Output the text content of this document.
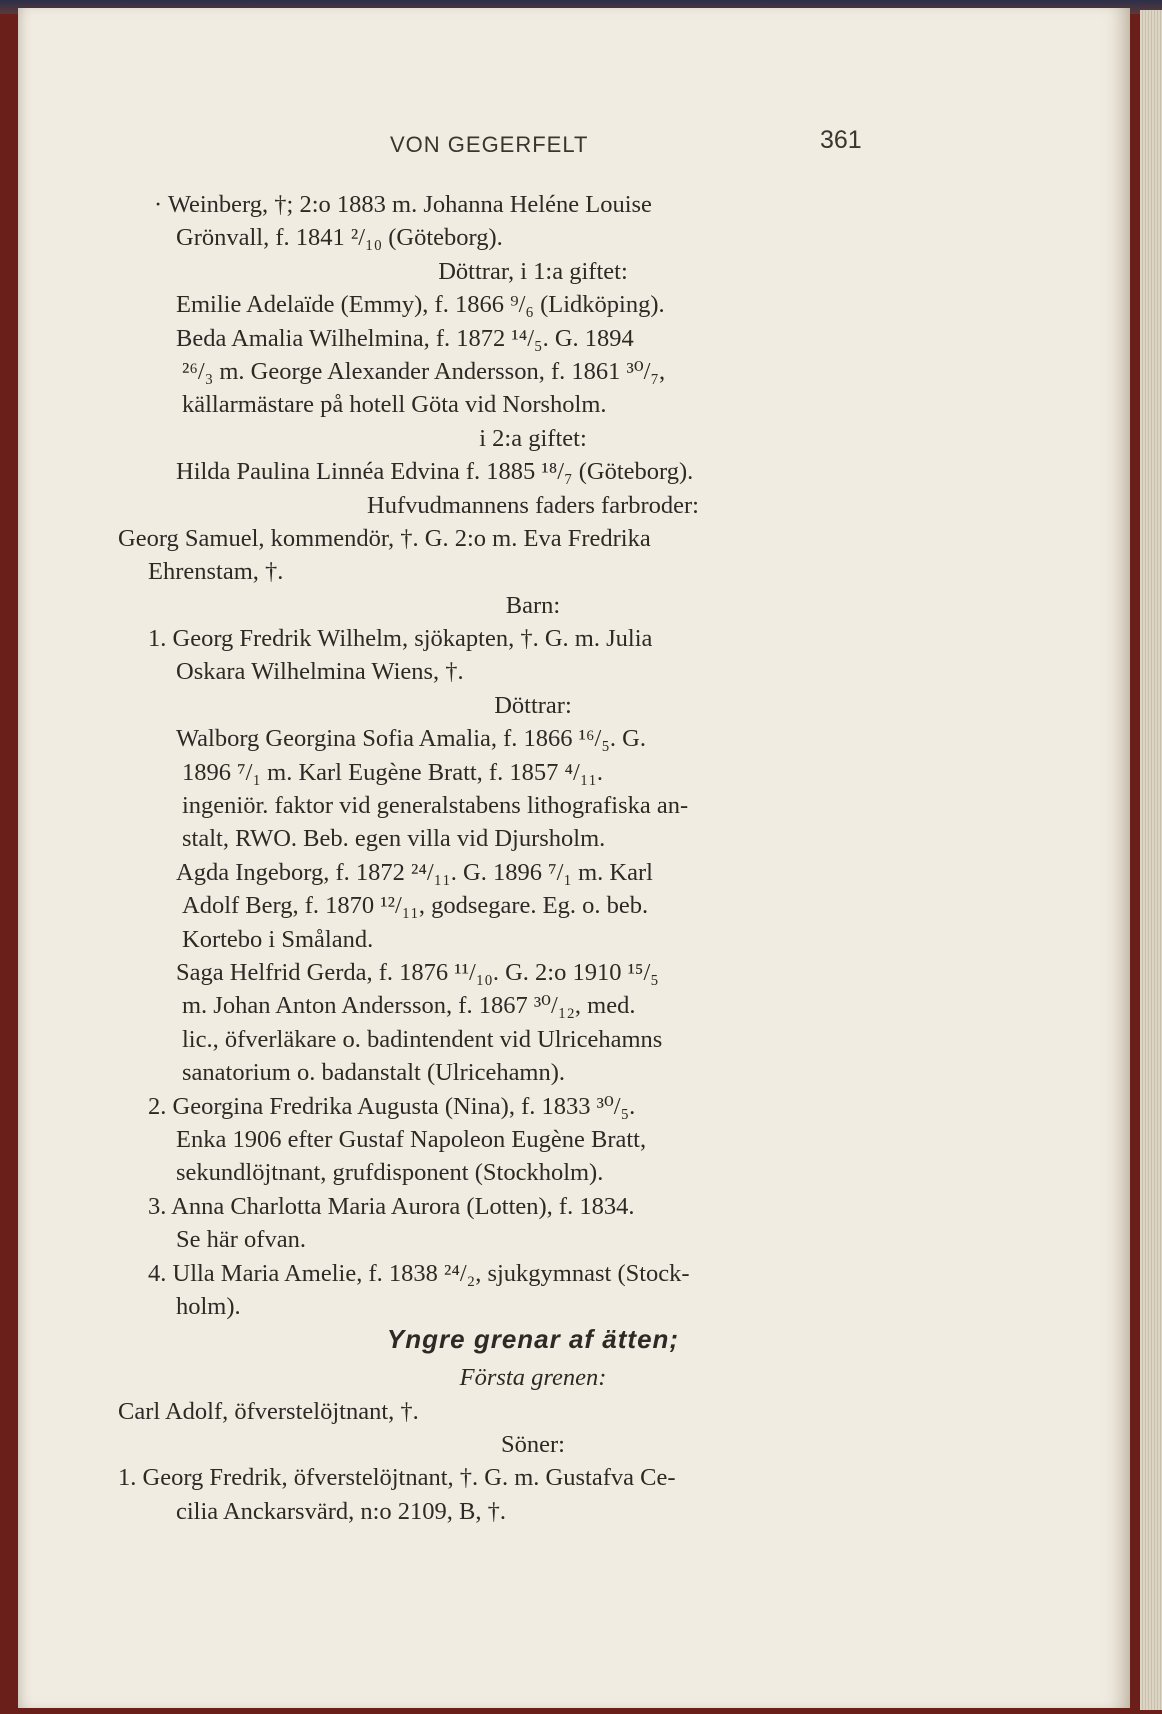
VON GEGERFELT	361
· Weinberg, †; 2:o 1883 m. Johanna Heléne Louise
Grönvall, f. 1841 ²/₁₀ (Göteborg).
Döttrar, i 1:a giftet:
Emilie Adelaïde (Emmy), f. 1866 ⁹/₆ (Lidköping).
Beda Amalia Wilhelmina, f. 1872 ¹⁴/₅. G. 1894
²⁶/₃ m. George Alexander Andersson, f. 1861 ³⁰/₇,
källarmästare på hotell Göta vid Norsholm.
i 2:a giftet:
Hilda Paulina Linnéa Edvina f. 1885 ¹⁸/₇ (Göteborg).
Hufvudmannens faders farbroder:
Georg Samuel, kommendör, †. G. 2:o m. Eva Fredrika
Ehrenstam, †.
Barn:
1. Georg Fredrik Wilhelm, sjökapten, †. G. m. Julia
Oskara Wilhelmina Wiens, †.
Döttrar:
Walborg Georgina Sofia Amalia, f. 1866 ¹⁶/₅. G.
1896 ⁷/₁ m. Karl Eugène Bratt, f. 1857 ⁴/₁₁.
ingeniör. faktor vid generalstabens lithografiska an-
stalt, RWO. Beb. egen villa vid Djursholm.
Agda Ingeborg, f. 1872 ²⁴/₁₁. G. 1896 ⁷/₁ m. Karl
Adolf Berg, f. 1870 ¹²/₁₁, godsegare. Eg. o. beb.
Kortebo i Småland.
Saga Helfrid Gerda, f. 1876 ¹¹/₁₀. G. 2:o 1910 ¹⁵/₅
m. Johan Anton Andersson, f. 1867 ³⁰/₁₂, med.
lic., öfverläkare o. badintendent vid Ulricehamns
sanatorium o. badanstalt (Ulricehamn).
2. Georgina Fredrika Augusta (Nina), f. 1833 ³⁰/₅.
Enka 1906 efter Gustaf Napoleon Eugène Bratt,
sekundlöjtnant, grufdisponent (Stockholm).
3. Anna Charlotta Maria Aurora (Lotten), f. 1834.
Se här ofvan.
4. Ulla Maria Amelie, f. 1838 ²⁴/₂, sjukgymnast (Stock-
holm).
Yngre grenar af ätten;
Första grenen:
Carl Adolf, öfverstelöjtnant, †.
Söner:
1. Georg Fredrik, öfverstelöjtnant, †. G. m. Gustafva Ce-
cilia Anckarsvärd, n:o 2109, B, †.
